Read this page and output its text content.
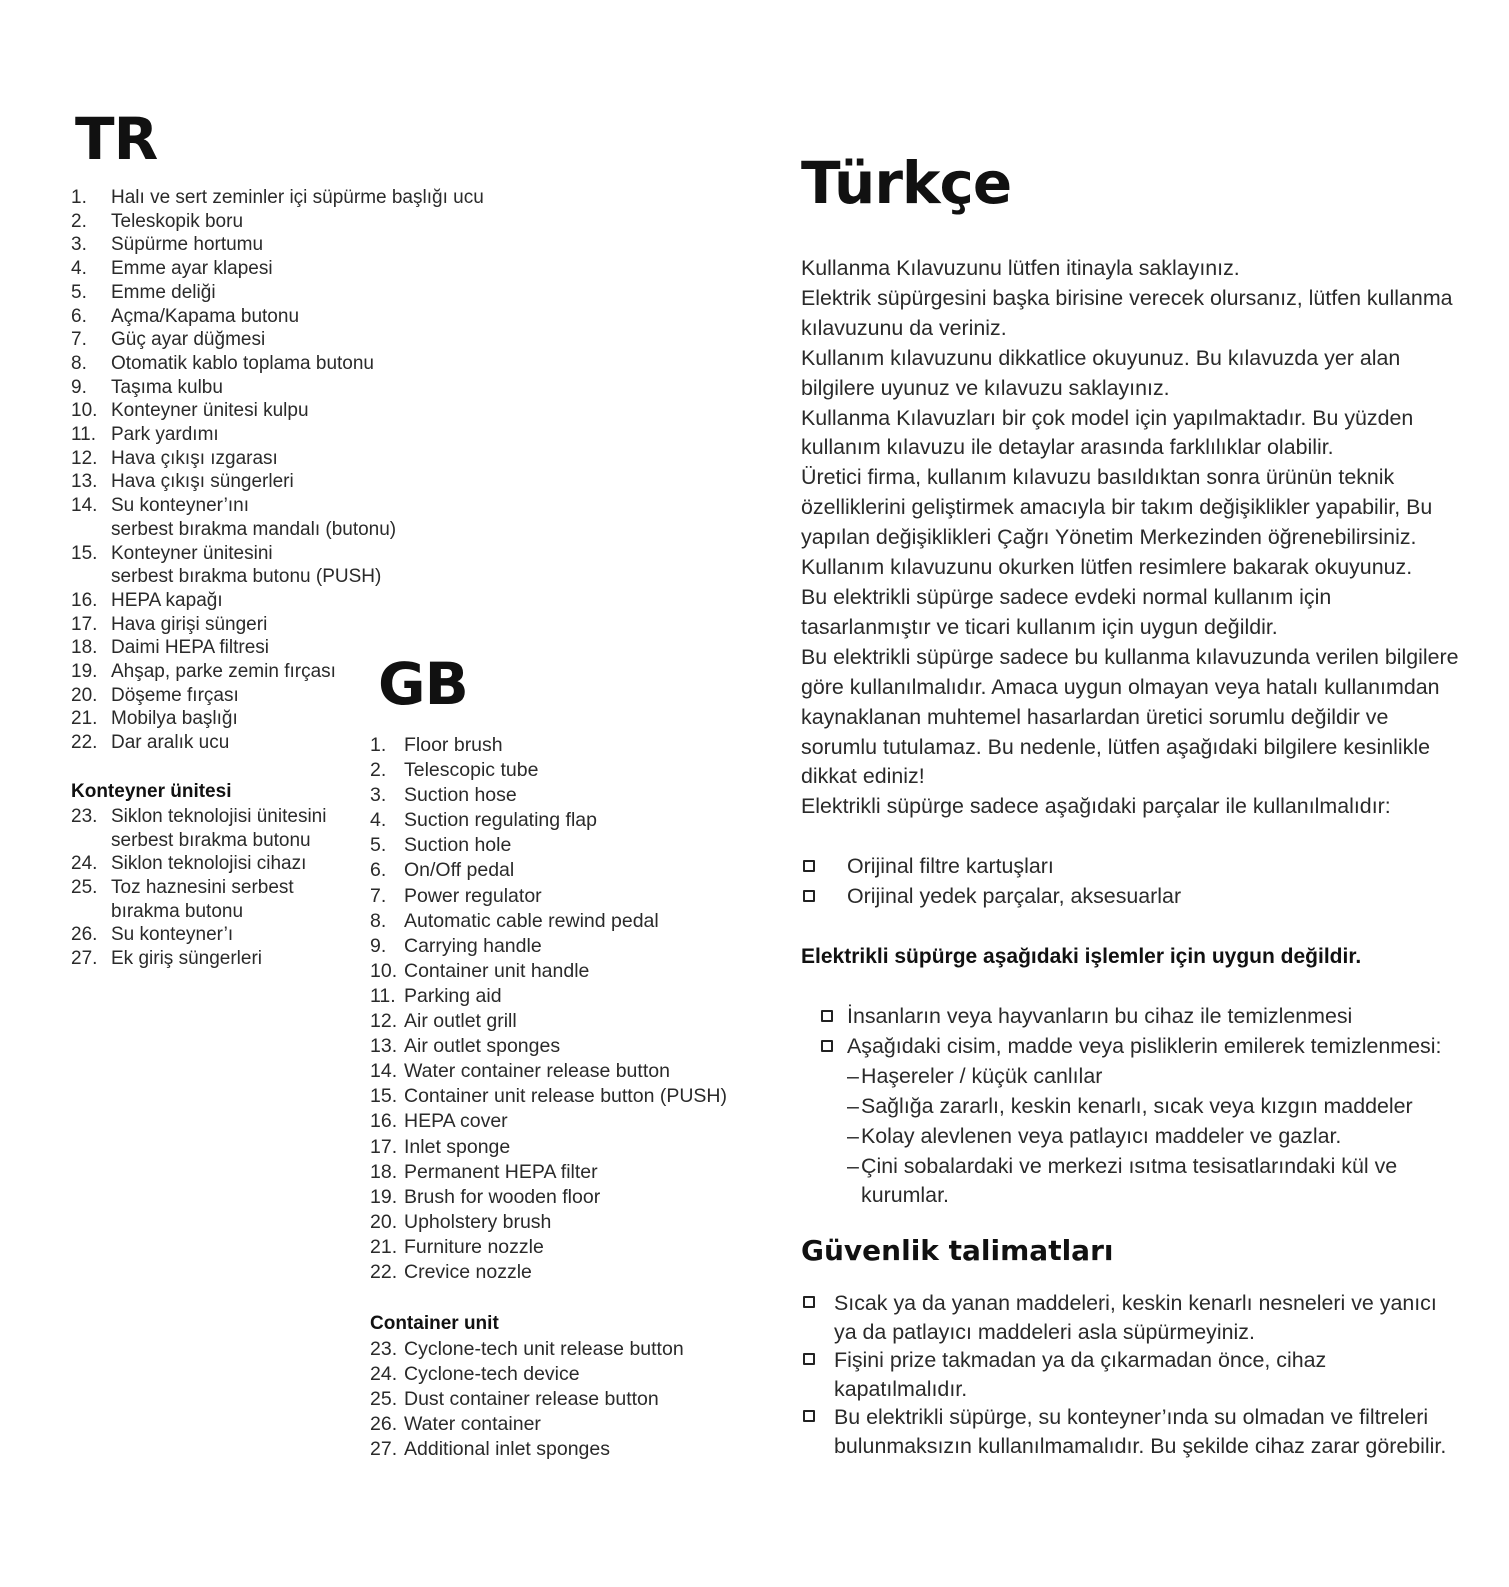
TR
1. Halı ve sert zeminler içi süpürme başlığı ucu
2. Teleskopik boru
3. Süpürme hortumu
4. Emme ayar klapesi
5. Emme deliği
6. Açma/Kapama butonu
7. Güç ayar düğmesi
8. Otomatik kablo toplama butonu
9. Taşıma kulbu
10. Konteyner ünitesi kulpu
11. Park yardımı
12. Hava çıkışı ızgarası
13. Hava çıkışı süngerleri
14. Su konteyner’ını
serbest bırakma mandalı (butonu)
15. Konteyner ünitesini
serbest bırakma butonu (PUSH)
16. HEPA kapağı
17. Hava girişi süngeri
18. Daimi HEPA filtresi
19. Ahşap, parke zemin fırçası
20. Döşeme fırçası
21. Mobilya başlığı
22. Dar aralık ucu
Konteyner ünitesi
23. Siklon teknolojisi ünitesini
serbest bırakma butonu
24. Siklon teknolojisi cihazı
25. Toz haznesini serbest
bırakma butonu
26. Su konteyner’ı
27. Ek giriş süngerleri
GB
1. Floor brush
2. Telescopic tube
3. Suction hose
4. Suction regulating flap
5. Suction hole
6. On/Off pedal
7. Power regulator
8. Automatic cable rewind pedal
9. Carrying handle
10. Container unit handle
11. Parking aid
12. Air outlet grill
13. Air outlet sponges
14. Water container release button
15. Container unit release button (PUSH)
16. HEPA cover
17. Inlet sponge
18. Permanent HEPA filter
19. Brush for wooden floor
20. Upholstery brush
21. Furniture nozzle
22. Crevice nozzle
Container unit
23. Cyclone-tech unit release button
24. Cyclone-tech device
25. Dust container release button
26. Water container
27. Additional inlet sponges
Türkçe

Kullanma Kılavuzunu lütfen itinayla saklayınız.

Elektrik süpürgesini başka birisine verecek olursanız, lütfen kullanma kılavuzunu da veriniz.

Kullanım kılavuzunu dikkatlice okuyunuz. Bu kılavuzda yer alan bilgilere uyunuz ve kılavuzu saklayınız.

Kullanma Kılavuzları bir çok model için yapılmaktadır. Bu yüzden kullanım kılavuzu ile detaylar arasında farklılıklar olabilir.

Üretici firma, kullanım kılavuzu basıldıktan sonra ürünün teknik özelliklerini geliştirmek amacıyla bir takım değişiklikler yapabilir, Bu yapılan değişiklikleri Çağrı Yönetim Merkezinden öğrenebilirsiniz.

Kullanım kılavuzunu okurken lütfen resimlere bakarak okuyunuz.

Bu elektrikli süpürge sadece evdeki normal kullanım için tasarlanmıştır ve ticari kullanım için uygun değildir.

Bu elektrikli süpürge sadece bu kullanma kılavuzunda verilen bilgilere göre kullanılmalıdır. Amaca uygun olmayan veya hatalı kullanımdan kaynaklanan muhtemel hasarlardan üretici sorumlu değildir ve sorumlu tutulamaz. Bu nedenle, lütfen aşağıdaki bilgilere kesinlikle dikkat ediniz!

Elektrikli süpürge sadece aşağıdaki parçalar ile kullanılmalıdır:

Orijinal filtre kartuşları
Orijinal yedek parçalar, aksesuarlar
Elektrikli süpürge aşağıdaki işlemler için uygun değildir.
İnsanların veya hayvanların bu cihaz ile temizlenmesi
Aşağıdaki cisim, madde veya pisliklerin emilerek temizlenmesi:
– Haşereler / küçük canlılar
– Sağlığa zararlı, keskin kenarlı, sıcak veya kızgın maddeler
– Kolay alevlenen veya patlayıcı maddeler ve gazlar.
– Çini sobalardaki ve merkezi ısıtma tesisatlarındaki kül ve kurumlar.
Güvenlik talimatları
Sıcak ya da yanan maddeleri, keskin kenarlı nesneleri ve yanıcı ya da patlayıcı maddeleri asla süpürmeyiniz.
Fişini prize takmadan ya da çıkarmadan önce, cihaz kapatılmalıdır.
Bu elektrikli süpürge, su konteyner’ında su olmadan ve filtreleri bulunmaksızın kullanılmamalıdır. Bu şekilde cihaz zarar görebilir.
